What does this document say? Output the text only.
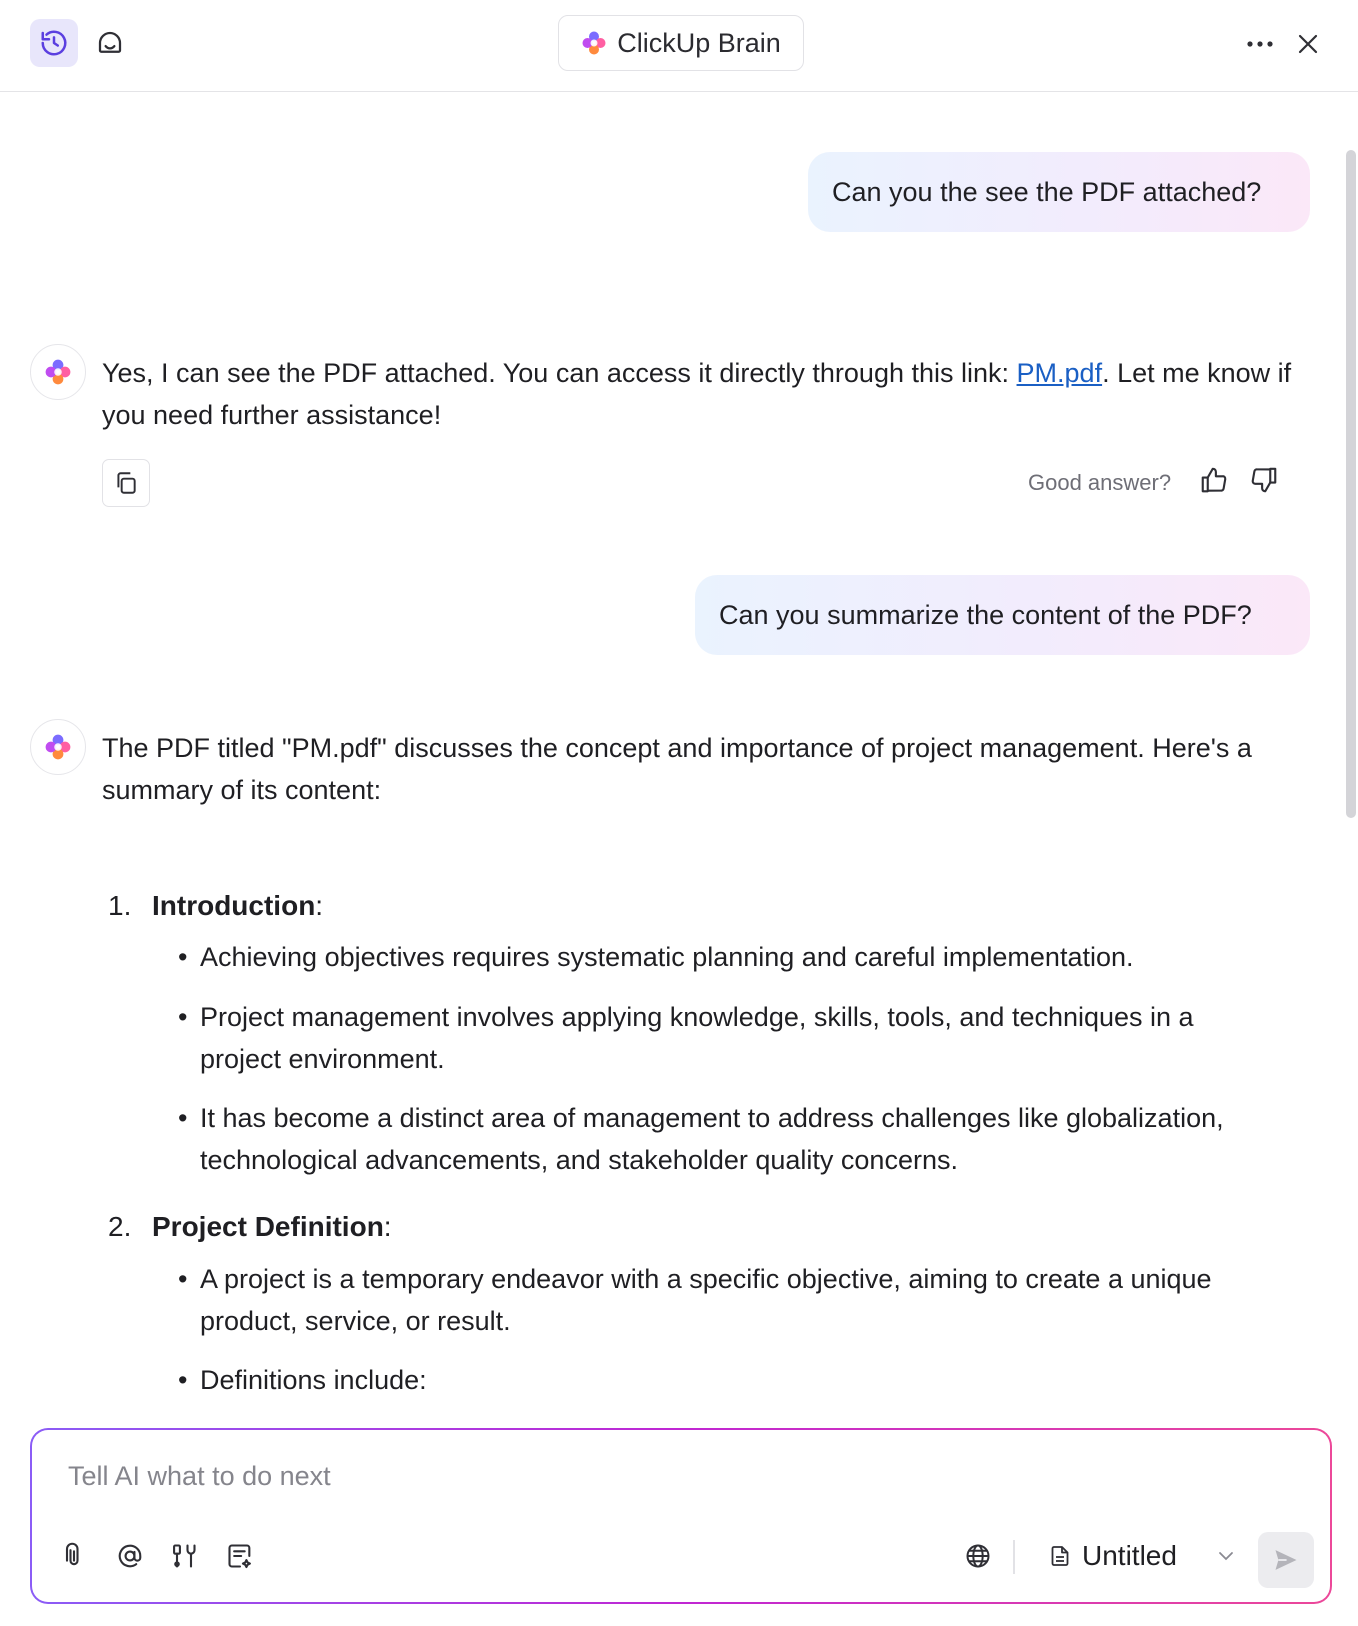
ClickUp Brain
Can you the see the PDF attached?
Yes, I can see the PDF attached. You can access it directly through this link: PM.pdf. Let me know if you need further assistance!
Good answer?
Can you summarize the content of the PDF?
The PDF titled "PM.pdf" discusses the concept and importance of project management. Here's a summary of its content:
1. Introduction:
• Achieving objectives requires systematic planning and careful implementation.
• Project management involves applying knowledge, skills, tools, and techniques in a project environment.
• It has become a distinct area of management to address challenges like globalization, technological advancements, and stakeholder quality concerns.
2. Project Definition:
• A project is a temporary endeavor with a specific objective, aiming to create a unique product, service, or result.
• Definitions include:
Tell AI what to do next
Untitled
